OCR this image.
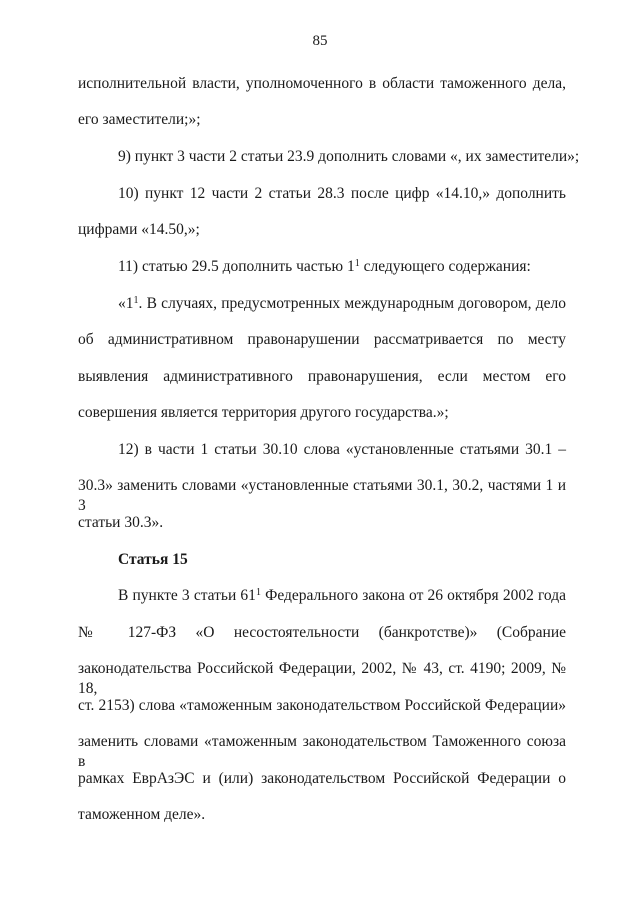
85
исполнительной власти, уполномоченного в области таможенного дела,
его заместители;»;
9) пункт 3 части 2 статьи 23.9 дополнить словами «, их заместители»;
10) пункт 12 части 2 статьи 28.3 после цифр «14.10,» дополнить
цифрами «14.50,»;
11) статью 29.5 дополнить частью $1^1$ следующего содержания:
«$1^1$. В случаях, предусмотренных международным договором, дело
об административном правонарушении рассматривается по месту
выявления административного правонарушения, если местом его
совершения является территория другого государства.»;
12) в части 1 статьи 30.10 слова «установленные статьями 30.1 –
30.3» заменить словами «установленные статьями 30.1, 30.2, частями 1 и 3
статьи 30.3».
Статья 15
В пункте 3 статьи $61^1$ Федерального закона от 26 октября 2002 года
№ 127-ФЗ «О несостоятельности (банкротстве)» (Собрание
законодательства Российской Федерации, 2002, № 43, ст. 4190; 2009, № 18,
ст. 2153) слова «таможенным законодательством Российской Федерации»
заменить словами «таможенным законодательством Таможенного союза в
рамках ЕврАзЭС и (или) законодательством Российской Федерации о
таможенном деле».
